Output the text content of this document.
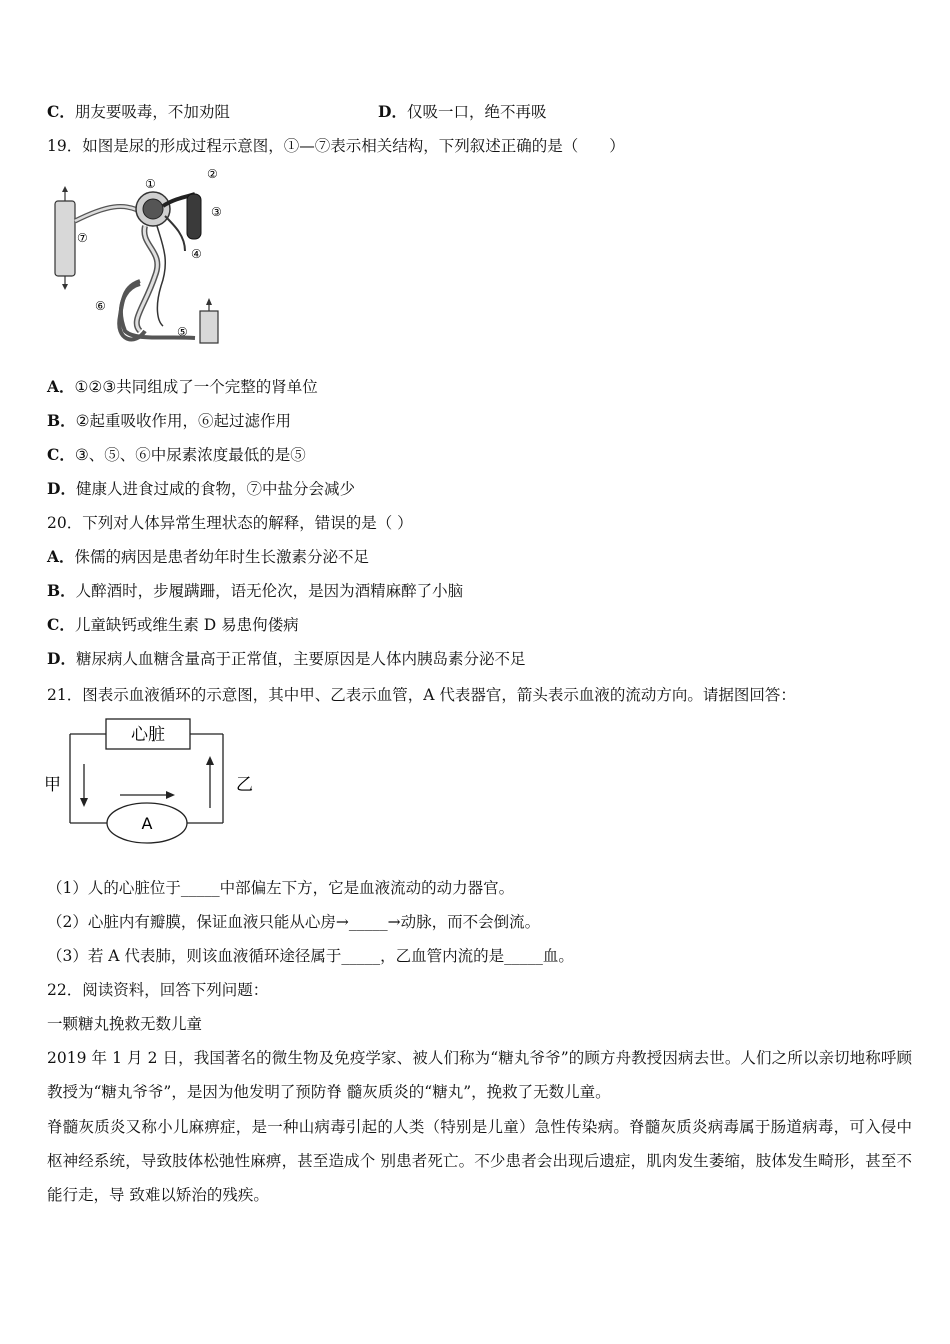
C．朋友要吸毒，不加劝阻	D．仅吸一口，绝不再吸
19．如图是尿的形成过程示意图，①—⑦表示相关结构，下列叙述正确的是（　　）
①
②
③
④
⑤
⑥
⑦
A．①②③共同组成了一个完整的肾单位
B．②起重吸收作用，⑥起过滤作用
C．③、⑤、⑥中尿素浓度最低的是⑤
D．健康人进食过咸的食物，⑦中盐分会减少
20．下列对人体异常生理状态的解释，错误的是（ ）
A．侏儒的病因是患者幼年时生长激素分泌不足
B．人醉酒时，步履蹒跚，语无伦次，是因为酒精麻醉了小脑
C．儿童缺钙或维生素 D 易患佝偻病
D．糖尿病人血糖含量高于正常值，主要原因是人体内胰岛素分泌不足
21．图表示血液循环的示意图，其中甲、乙表示血管，A 代表器官，箭头表示血液的流动方向。请据图回答：
心脏
A
甲	乙
（1）人的心脏位于_____中部偏左下方，它是血液流动的动力器官。
（2）心脏内有瓣膜，保证血液只能从心房→_____→动脉，而不会倒流。
（3）若 A 代表肺，则该血液循环途径属于_____，乙血管内流的是_____血。
22．阅读资料，回答下列问题：
一颗糖丸挽救无数儿童
2019 年 1 月 2 日，我国著名的微生物及免疫学家、被人们称为“糖丸爷爷”的顾方舟教授因病去世。人们之所以亲切地称呼顾教授为“糖丸爷爷”，是因为他发明了预防脊 髓灰质炎的“糖丸”，挽救了无数儿童。
脊髓灰质炎又称小儿麻痹症，是一种山病毒引起的人类（特别是儿童）急性传染病。脊髓灰质炎病毒属于肠道病毒，可入侵中枢神经系统，导致肢体松弛性麻痹，甚至造成个 别患者死亡。不少患者会出现后遗症，肌肉发生萎缩，肢体发生畸形，甚至不能行走，导 致难以矫治的残疾。
